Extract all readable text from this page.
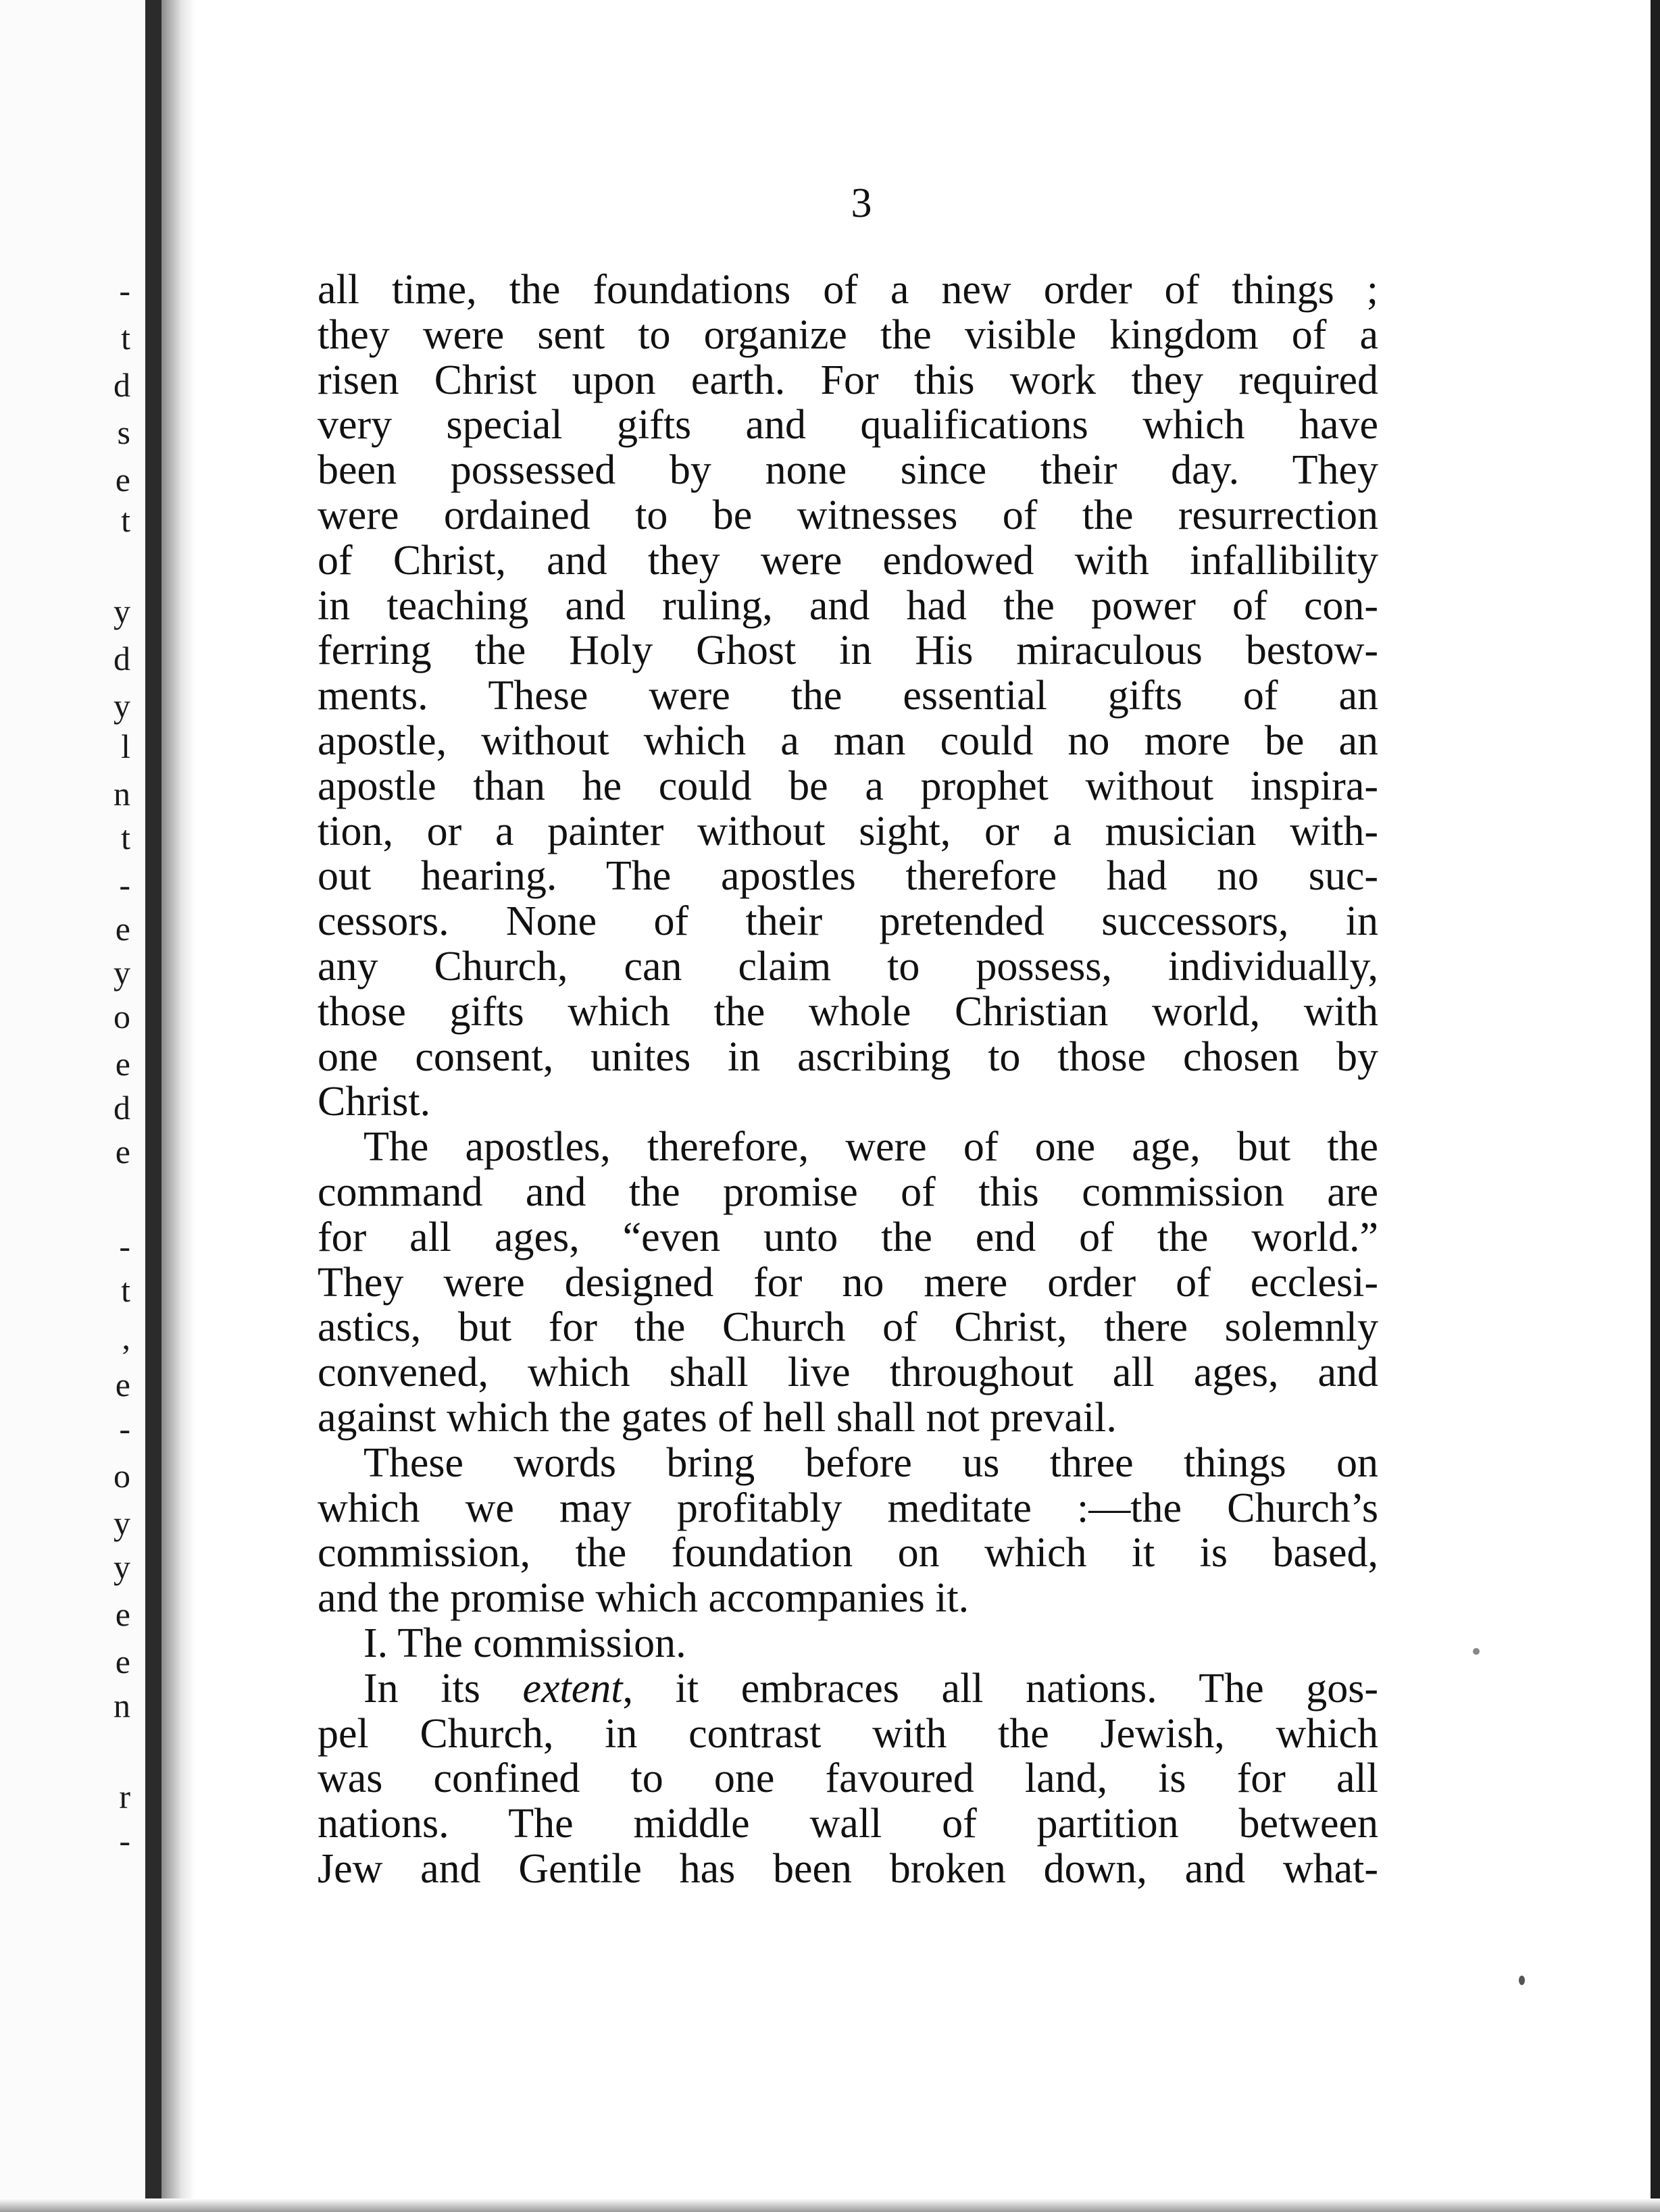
-
t
d
s
e
t
y
d
y
l
n
t
-
e
y
o
e
d
e
-
t
,
e
-
o
y
y
e
e
n
r
-
3
all time, the foundations of a new order of things ;
they were sent to organize the visible kingdom of a
risen Christ upon earth. For this work they required
very special gifts and qualifications which have
been possessed by none since their day. They
were ordained to be witnesses of the resurrection
of Christ, and they were endowed with infallibility
in teaching and ruling, and had the power of con-
ferring the Holy Ghost in His miraculous bestow-
ments. These were the essential gifts of an
apostle, without which a man could no more be an
apostle than he could be a prophet without inspira-
tion, or a painter without sight, or a musician with-
out hearing. The apostles therefore had no suc-
cessors. None of their pretended successors, in
any Church, can claim to possess, individually,
those gifts which the whole Christian world, with
one consent, unites in ascribing to those chosen by
Christ.
The apostles, therefore, were of one age, but the
command and the promise of this commission are
for all ages, “even unto the end of the world.”
They were designed for no mere order of ecclesi-
astics, but for the Church of Christ, there solemnly
convened, which shall live throughout all ages, and
against which the gates of hell shall not prevail.
These words bring before us three things on
which we may profitably meditate :—the Church’s
commission, the foundation on which it is based,
and the promise which accompanies it.
I. The commission.
In its extent, it embraces all nations. The gos-
pel Church, in contrast with the Jewish, which
was confined to one favoured land, is for all
nations. The middle wall of partition between
Jew and Gentile has been broken down, and what-
